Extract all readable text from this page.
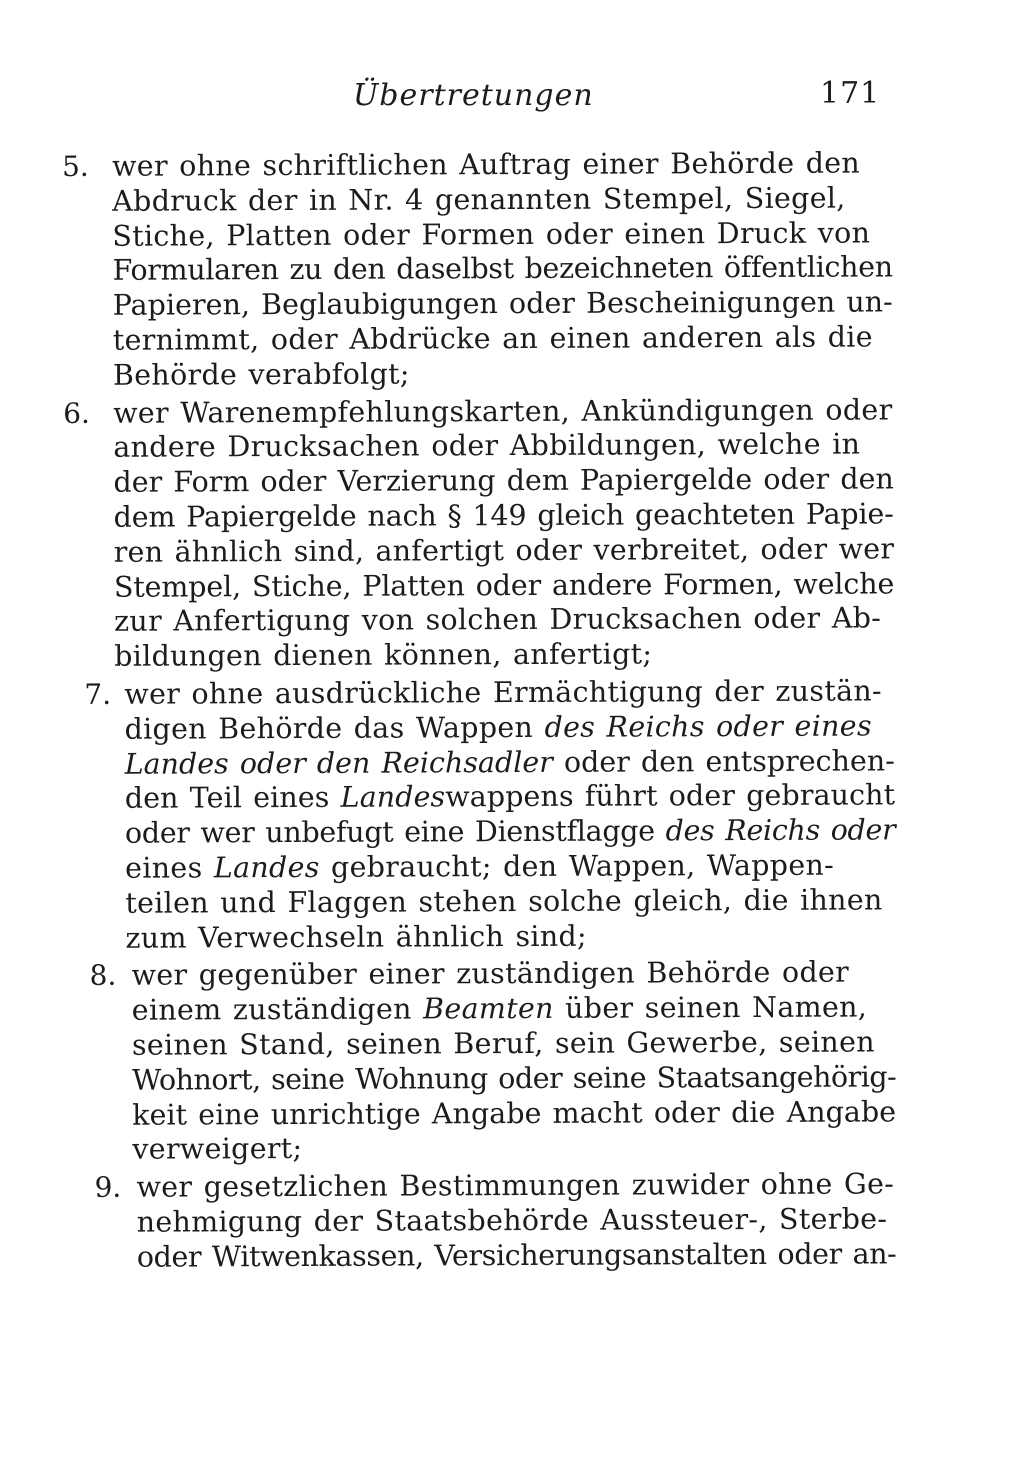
Übertretungen	171
5. wer ohne schriftlichen Auftrag einer Behörde den
Abdruck der in Nr. 4 genannten Stempel, Siegel,
Stiche, Platten oder Formen oder einen Druck von
Formularen zu den daselbst bezeichneten öffentlichen
Papieren, Beglaubigungen oder Bescheinigungen un-
ternimmt, oder Abdrücke an einen anderen als die
Behörde verabfolgt;
6. wer Warenempfehlungskarten, Ankündigungen oder
andere Drucksachen oder Abbildungen, welche in
der Form oder Verzierung dem Papiergelde oder den
dem Papiergelde nach § 149 gleich geachteten Papie-
ren ähnlich sind, anfertigt oder verbreitet, oder wer
Stempel, Stiche, Platten oder andere Formen, welche
zur Anfertigung von solchen Drucksachen oder Ab-
bildungen dienen können, anfertigt;
7. wer ohne ausdrückliche Ermächtigung der zustän-
digen Behörde das Wappen des Reichs oder eines
Landes oder den Reichsadler oder den entsprechen-
den Teil eines Landeswappens führt oder gebraucht
oder wer unbefugt eine Dienstflagge des Reichs oder
eines Landes gebraucht; den Wappen, Wappen-
teilen und Flaggen stehen solche gleich, die ihnen
zum Verwechseln ähnlich sind;
8. wer gegenüber einer zuständigen Behörde oder
einem zuständigen Beamten über seinen Namen,
seinen Stand, seinen Beruf, sein Gewerbe, seinen
Wohnort, seine Wohnung oder seine Staatsangehörig-
keit eine unrichtige Angabe macht oder die Angabe
verweigert;
9. wer gesetzlichen Bestimmungen zuwider ohne Ge-
nehmigung der Staatsbehörde Aussteuer-, Sterbe-
oder Witwenkassen, Versicherungsanstalten oder an-
